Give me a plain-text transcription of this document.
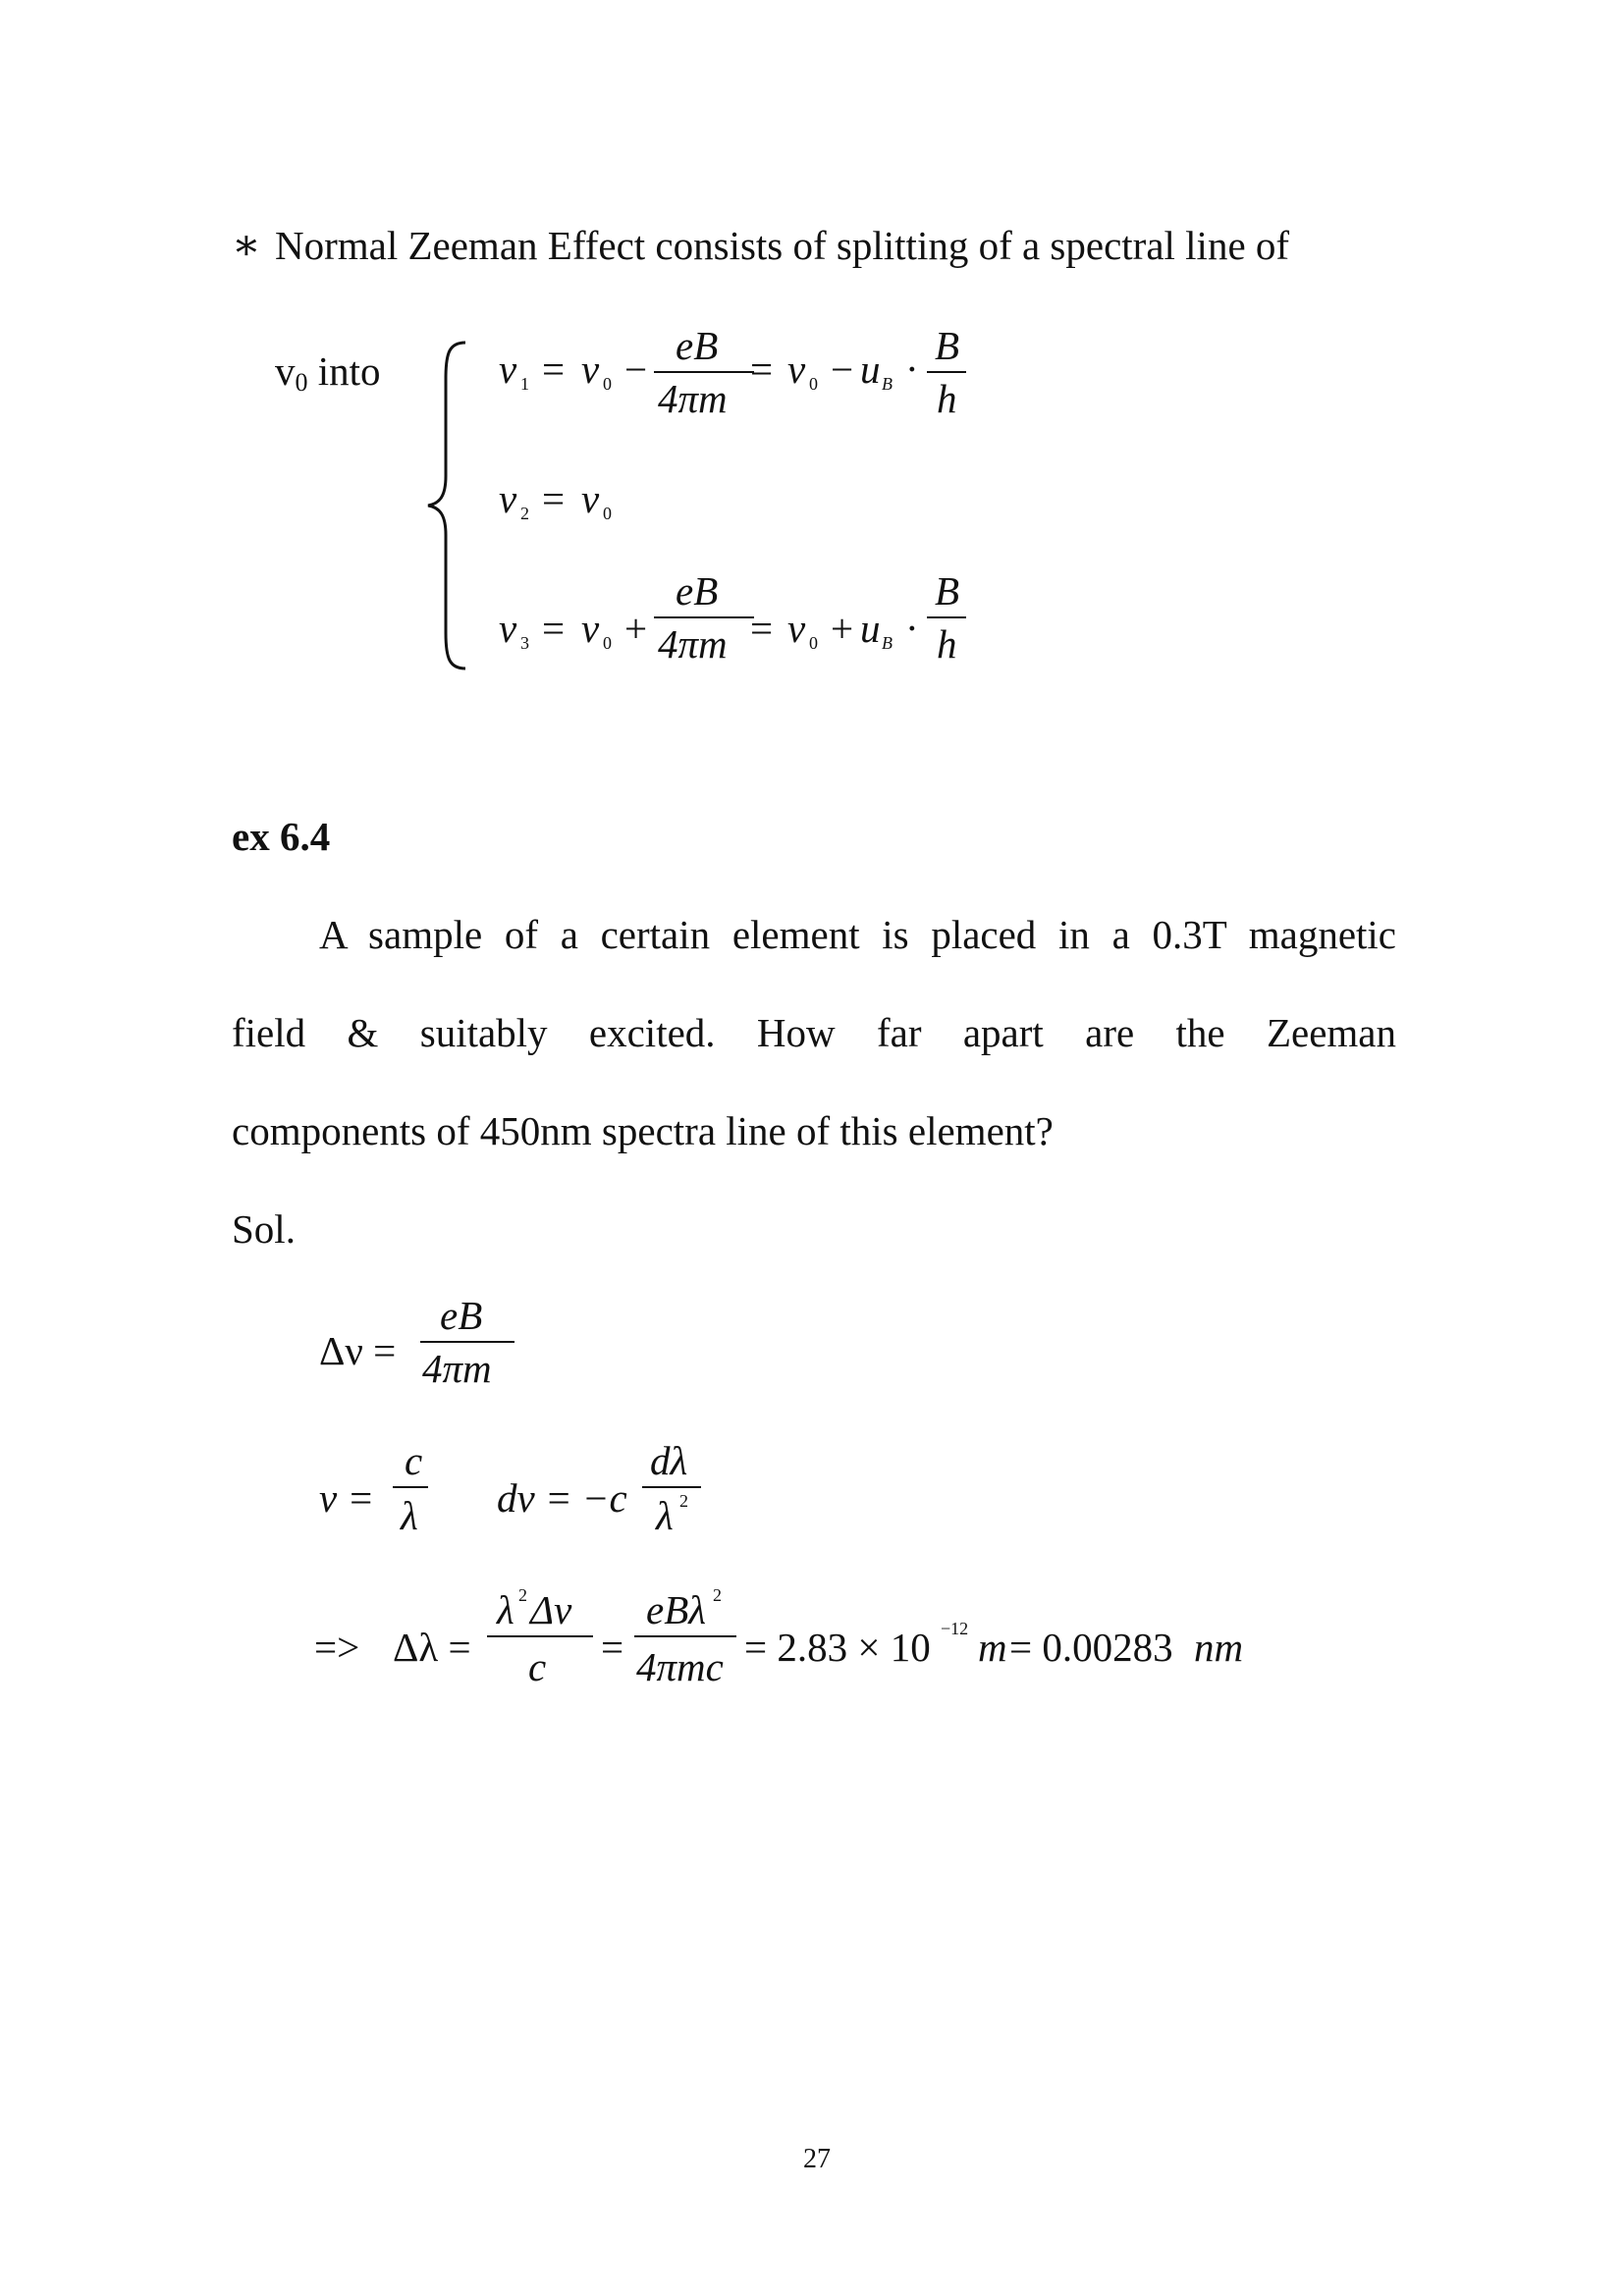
∗ Normal Zeeman Effect consists of splitting of a spectral line of
v0 into	ν 1 = ν 0 −
eB
4πm
= ν 0 − u B ·
B
h
ν 2 = ν 0
ν 3 = ν 0 +
eB
4πm = ν 0 + u B ·
B
h
ex 6.4
A sample of a certain element is placed in a 0.3T magnetic
field & suitably excited. How far apart are the Zeeman
components of 450nm spectra line of this element?
Sol.
Δν =
eB
4πm
ν =
c
λ dν = −c
dλ
λ 2
=> Δλ =
λ 2 Δν
c =
eBλ 2
4πmc = 2.83 × 10 −12 m = 0.00283 nm
27
